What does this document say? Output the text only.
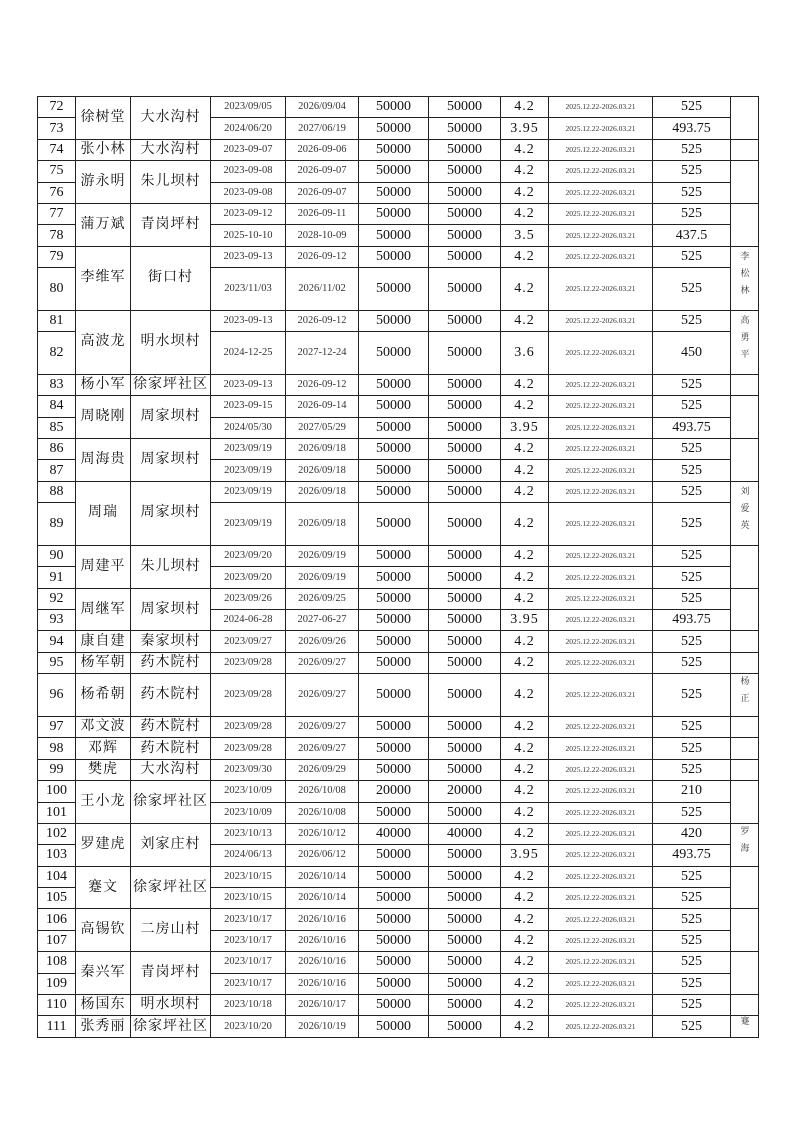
72	徐树堂	大水沟村	2023/09/05	2026/09/04	50000	50000	4.2	2025.12.22-2026.03.21	525	
73			2024/06/20	2027/06/19	50000	50000	3.95	2025.12.22-2026.03.21	493.75	
74	张小林	大水沟村	2023-09-07	2026-09-06	50000	50000	4.2	2025.12.22-2026.03.21	525	
75	游永明	朱儿坝村	2023-09-08	2026-09-07	50000	50000	4.2	2025.12.22-2026.03.21	525	
76			2023-09-08	2026-09-07	50000	50000	4.2	2025.12.22-2026.03.21	525	
77	蒲万斌	青岗坪村	2023-09-12	2026-09-11	50000	50000	4.2	2025.12.22-2026.03.21	525	
78			2025-10-10	2028-10-09	50000	50000	3.5	2025.12.22-2026.03.21	437.5	
79	李维军	街口村	2023-09-13	2026-09-12	50000	50000	4.2	2025.12.22-2026.03.21	525	李松林
80			2023/11/03	2026/11/02	50000	50000	4.2	2025.12.22-2026.03.21	525	
81	高波龙	明水坝村	2023-09-13	2026-09-12	50000	50000	4.2	2025.12.22-2026.03.21	525	高勇平
82			2024-12-25	2027-12-24	50000	50000	3.6	2025.12.22-2026.03.21	450	
83	杨小军	徐家坪社区	2023-09-13	2026-09-12	50000	50000	4.2	2025.12.22-2026.03.21	525	
84	周晓刚	周家坝村	2023-09-15	2026-09-14	50000	50000	4.2	2025.12.22-2026.03.21	525	
85			2024/05/30	2027/05/29	50000	50000	3.95	2025.12.22-2026.03.21	493.75	
86	周海贵	周家坝村	2023/09/19	2026/09/18	50000	50000	4.2	2025.12.22-2026.03.21	525	
87			2023/09/19	2026/09/18	50000	50000	4.2	2025.12.22-2026.03.21	525	
88	周瑞	周家坝村	2023/09/19	2026/09/18	50000	50000	4.2	2025.12.22-2026.03.21	525	刘爱英
89			2023/09/19	2026/09/18	50000	50000	4.2	2025.12.22-2026.03.21	525	
90	周建平	朱儿坝村	2023/09/20	2026/09/19	50000	50000	4.2	2025.12.22-2026.03.21	525	
91			2023/09/20	2026/09/19	50000	50000	4.2	2025.12.22-2026.03.21	525	
92	周继军	周家坝村	2023/09/26	2026/09/25	50000	50000	4.2	2025.12.22-2026.03.21	525	
93			2024-06-28	2027-06-27	50000	50000	3.95	2025.12.22-2026.03.21	493.75	
94	康自建	秦家坝村	2023/09/27	2026/09/26	50000	50000	4.2	2025.12.22-2026.03.21	525	
95	杨军朝	药木院村	2023/09/28	2026/09/27	50000	50000	4.2	2025.12.22-2026.03.21	525	
96	杨希朝	药木院村	2023/09/28	2026/09/27	50000	50000	4.2	2025.12.22-2026.03.21	525	杨正
97	邓文波	药木院村	2023/09/28	2026/09/27	50000	50000	4.2	2025.12.22-2026.03.21	525	
98	邓辉	药木院村	2023/09/28	2026/09/27	50000	50000	4.2	2025.12.22-2026.03.21	525	
99	樊虎	大水沟村	2023/09/30	2026/09/29	50000	50000	4.2	2025.12.22-2026.03.21	525	
100	王小龙	徐家坪社区	2023/10/09	2026/10/08	20000	20000	4.2	2025.12.22-2026.03.21	210	
101			2023/10/09	2026/10/08	50000	50000	4.2	2025.12.22-2026.03.21	525	
102	罗建虎	刘家庄村	2023/10/13	2026/10/12	40000	40000	4.2	2025.12.22-2026.03.21	420	罗海
103			2024/06/13	2026/06/12	50000	50000	3.95	2025.12.22-2026.03.21	493.75	
104	蹇文	徐家坪社区	2023/10/15	2026/10/14	50000	50000	4.2	2025.12.22-2026.03.21	525	
105			2023/10/15	2026/10/14	50000	50000	4.2	2025.12.22-2026.03.21	525	
106	高锡钦	二房山村	2023/10/17	2026/10/16	50000	50000	4.2	2025.12.22-2026.03.21	525	
107			2023/10/17	2026/10/16	50000	50000	4.2	2025.12.22-2026.03.21	525	
108	秦兴军	青岗坪村	2023/10/17	2026/10/16	50000	50000	4.2	2025.12.22-2026.03.21	525	
109			2023/10/17	2026/10/16	50000	50000	4.2	2025.12.22-2026.03.21	525	
110	杨国东	明水坝村	2023/10/18	2026/10/17	50000	50000	4.2	2025.12.22-2026.03.21	525	
111	张秀丽	徐家坪社区	2023/10/20	2026/10/19	50000	50000	4.2	2025.12.22-2026.03.21	525	蹇
